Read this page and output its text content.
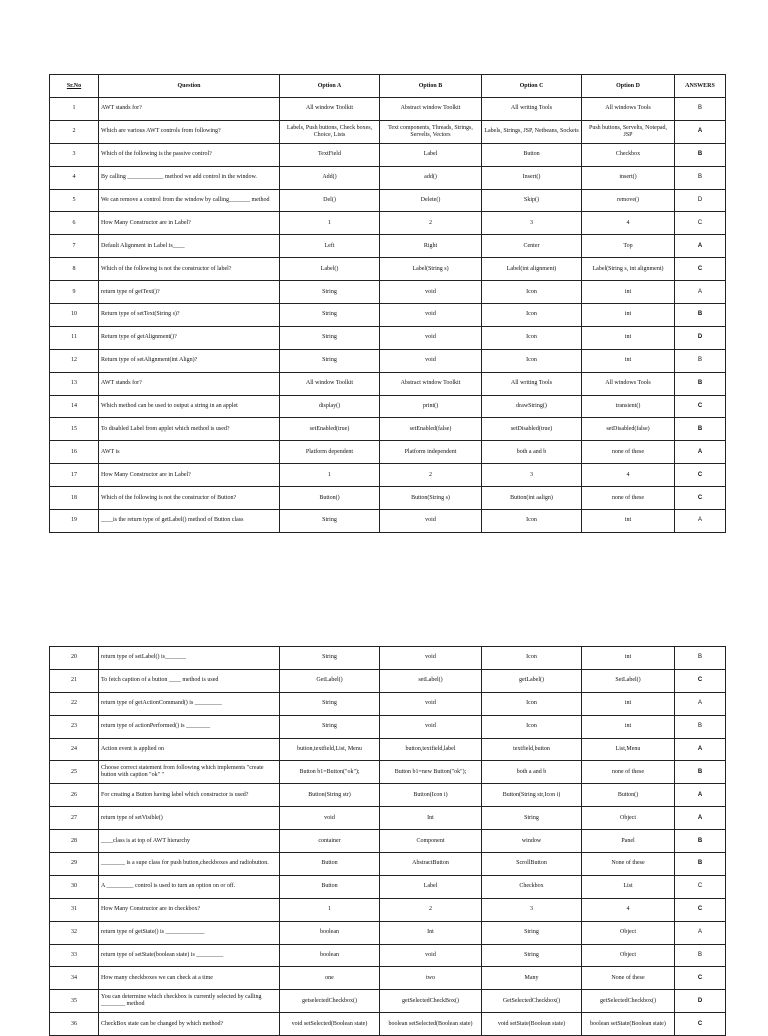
Sr.No	Question	Option A	Option B	Option C	Option D	ANSWERS
1	AWT stands for?	All window Toolkit	Abstract window Toolkit	All writing Tools	All windows Tools	B
2	Which are various AWT controls from following?	Labels, Push buttons, Check boxes, Choice, Lists	Text components, Threads, Strings, Servelts, Vectors	Labels, Strings, JSP, Netbeans, Sockets	Push buttons, Servelts, Notepad, JSP	A
3	Which of the following is the passive control?	TextField	Label	Button	Checkbox	B
4	By calling ____________ method we add control in the window.	Add()	add()	Insert()	insert()	B
5	We can remove a control from the window by calling_______ method	Del()	Delete()	Skip()	remove()	D
6	How Many Constructor are in Label?	1	2	3	4	C
7	Default Alignment in Label is____	Left	Right	Center	Top	A
8	Which of the following is not the constructor of label?	Label()	Label(String s)	Label(int alignment)	Label(String s, int alignment)	C
9	return type of getText()?	String	void	Icon	int	A
10	Return type of setText(String s)?	String	void	Icon	int	B
11	Return type of getAlignment()?	String	void	Icon	int	D
12	Return type of setAlignment(int Align)?	String	void	Icon	int	B
13	AWT stands for?	All window Toolkit	Abstract window Toolkit	All writing Tools	All windows Tools	B
14	Which method can be used to output a string in an applet	display()	print()	drawString()	transient()	C
15	To disabled Label from applet which method is used?	setEnabled(true)	setEnabled(false)	setDisabled(true)	setDisabled(false)	B
16	AWT is	Platform dependent	Platform independent	both a and b	none of these	A
17	How Many Constructor are in Label?	1	2	3	4	C
18	Which of the following is not the constructor of Button?	Button()	Button(String s)	Button(int aalign)	none of these	C
19	____is the return type of getLabel() method of Button class	String	void	Icon	int	A
20	return type of setLabel() is_______	String	void	Icon	int	B
21	To fetch caption of a button ____ method is used	GetLabel()	setLabel()	getLabel()	SetLabel()	C
22	return type of getActionCommand() is _________	String	void	Icon	int	A
23	return type of actionPerformed() is ________	String	void	Icon	int	B
24	Action event is applied on	button,textfield,List, Menu	button,textfield,label	textfield,button	List,Menu	A
25	Choose correct statement from following which implements "create button with caption "ok" "	Button b1=Button("ok");	Button b1=new Button("ok");	both a and b	none of these	B
26	For creating a Button having label which constructor is used?	Button(String str)	Button(Icon i)	Button(String str,Icon i)	Button()	A
27	return type of setVisible()	void	Int	String	Object	A
28	____class is at top of AWT hierarchy	container	Component	window	Panel	B
29	________ is a supe class for push button,checkboxes and radiobutton.	Button	AbstractButton	ScrollButton	None of these	B
30	A _________ control is used to turn an option on or off.	Button	Label	Checkbox	List	C
31	How Many Constructor are in checkbox?	1	2	3	4	C
32	return type of getState() is _____________	boolean	Int	String	Object	A
33	return type of setState(boolean state) is _________	boolean	void	String	Object	B
34	How many checkboxes we can check at a time	one	two	Many	None of these	C
35	You can determine which checkbox is currently selected by calling ________ method	getselectedCheckbox()	getSelectedCheckBox()	GetSelectedCheckbox()	getSelectedCheckbox()	D
36	CheckBox state can be changed by which method?	void setSelected(Boolean state)	boolean setSelected(Boolean state)	void setState(Boolean state)	boolean setState(Boolean state)	C
